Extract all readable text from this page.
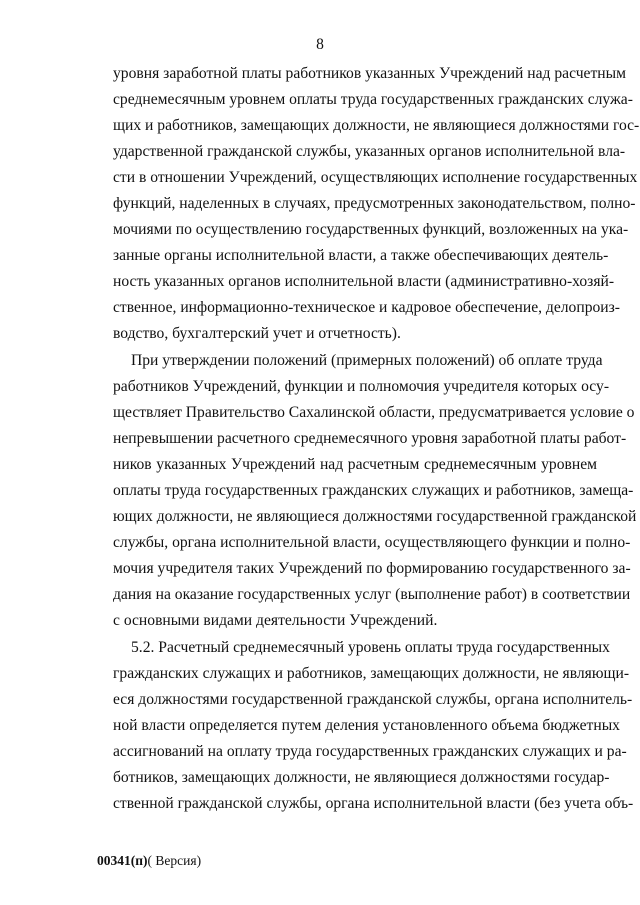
8
уровня заработной платы работников указанных Учреждений над расчетным
среднемесячным уровнем оплаты труда государственных гражданских служа-
щих и работников, замещающих должности, не являющиеся должностями гос-
ударственной гражданской службы, указанных органов исполнительной вла-
сти в отношении Учреждений, осуществляющих исполнение государственных
функций, наделенных в случаях, предусмотренных законодательством, полно-
мочиями по осуществлению государственных функций, возложенных на ука-
занные органы исполнительной власти, а также обеспечивающих деятель-
ность указанных органов исполнительной власти (административно-хозяй-
ственное, информационно-техническое и кадровое обеспечение, делопроиз-
водство, бухгалтерский учет и отчетность).
При утверждении положений (примерных положений) об оплате труда
работников Учреждений, функции и полномочия учредителя которых осу-
ществляет Правительство Сахалинской области, предусматривается условие о
непревышении расчетного среднемесячного уровня заработной платы работ-
ников указанных Учреждений над расчетным среднемесячным уровнем
оплаты труда государственных гражданских служащих и работников, замеща-
ющих должности, не являющиеся должностями государственной гражданской
службы, органа исполнительной власти, осуществляющего функции и полно-
мочия учредителя таких Учреждений по формированию государственного за-
дания на оказание государственных услуг (выполнение работ) в соответствии
с основными видами деятельности Учреждений.
5.2. Расчетный среднемесячный уровень оплаты труда государственных
гражданских служащих и работников, замещающих должности, не являющи-
еся должностями государственной гражданской службы, органа исполнитель-
ной власти определяется путем деления установленного объема бюджетных
ассигнований на оплату труда государственных гражданских служащих и ра-
ботников, замещающих должности, не являющиеся должностями государ-
ственной гражданской службы, органа исполнительной власти (без учета объ-
00341(п)( Версия)
